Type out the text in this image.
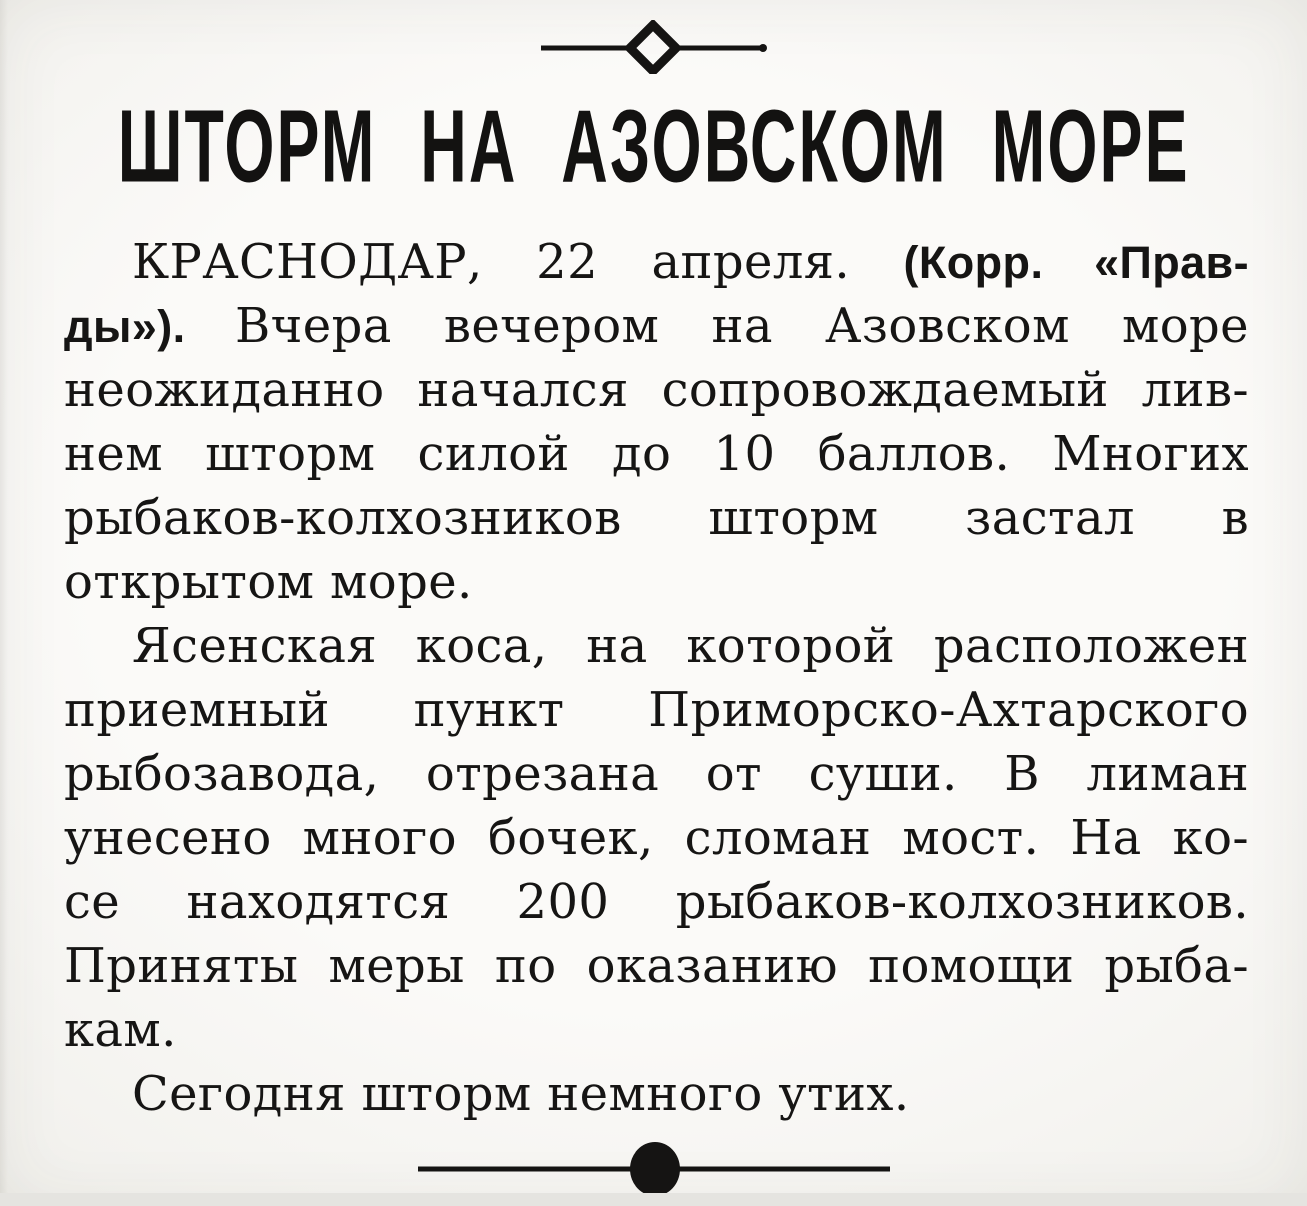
ШТОРМ НА АЗОВСКОМ МОРЕ
КРАСНОДАР, 22 апреля. (Корр. «Прав-
ды»). Вчера вечером на Азовском море
неожиданно начался сопровождаемый лив-
нем шторм силой до 10 баллов. Многих
рыбаков-колхозников шторм застал в
открытом море.
Ясенская коса, на которой расположен
приемный пункт Приморско-Ахтарского
рыбозавода, отрезана от суши. В лиман
унесено много бочек, сломан мост. На ко-
се находятся 200 рыбаков-колхозников.
Приняты меры по оказанию помощи рыба-
кам.
Сегодня шторм немного утих.
